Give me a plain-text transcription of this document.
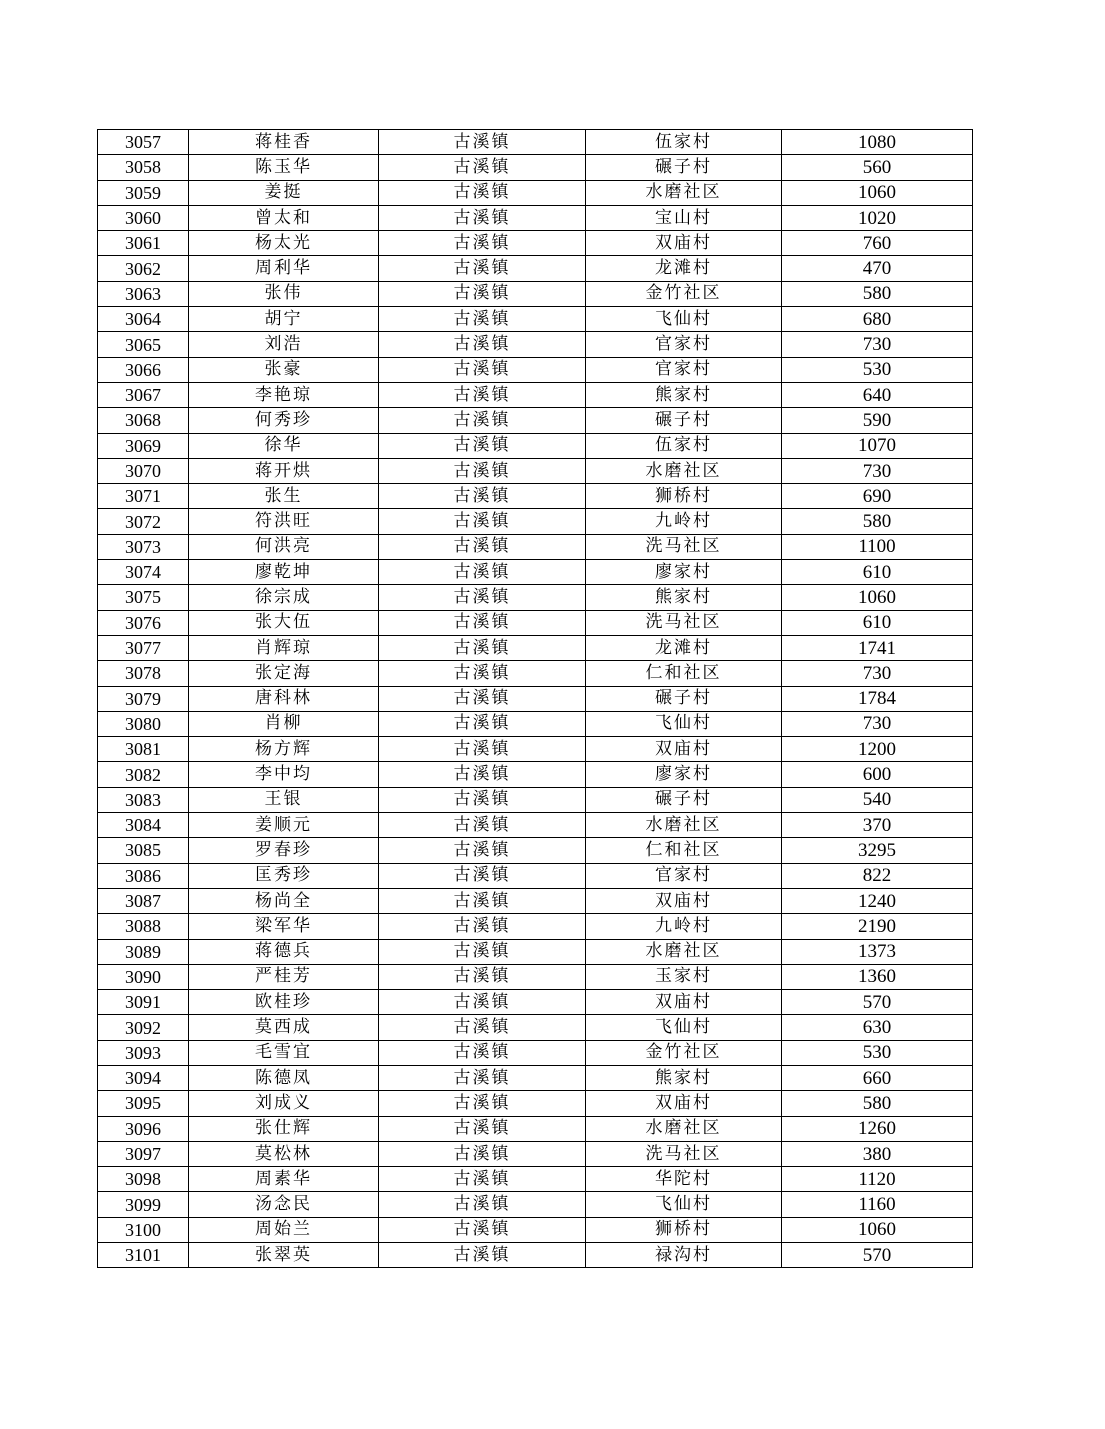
3057	蒋桂香	古溪镇	伍家村	1080
3058	陈玉华	古溪镇	碾子村	560
3059	姜挺	古溪镇	水磨社区	1060
3060	曾太和	古溪镇	宝山村	1020
3061	杨太光	古溪镇	双庙村	760
3062	周利华	古溪镇	龙滩村	470
3063	张伟	古溪镇	金竹社区	580
3064	胡宁	古溪镇	飞仙村	680
3065	刘浩	古溪镇	官家村	730
3066	张豪	古溪镇	官家村	530
3067	李艳琼	古溪镇	熊家村	640
3068	何秀珍	古溪镇	碾子村	590
3069	徐华	古溪镇	伍家村	1070
3070	蒋开烘	古溪镇	水磨社区	730
3071	张生	古溪镇	狮桥村	690
3072	符洪旺	古溪镇	九岭村	580
3073	何洪亮	古溪镇	洗马社区	1100
3074	廖乾坤	古溪镇	廖家村	610
3075	徐宗成	古溪镇	熊家村	1060
3076	张大伍	古溪镇	洗马社区	610
3077	肖辉琼	古溪镇	龙滩村	1741
3078	张定海	古溪镇	仁和社区	730
3079	唐科林	古溪镇	碾子村	1784
3080	肖柳	古溪镇	飞仙村	730
3081	杨方辉	古溪镇	双庙村	1200
3082	李中均	古溪镇	廖家村	600
3083	王银	古溪镇	碾子村	540
3084	姜顺元	古溪镇	水磨社区	370
3085	罗春珍	古溪镇	仁和社区	3295
3086	匡秀珍	古溪镇	官家村	822
3087	杨尚全	古溪镇	双庙村	1240
3088	梁军华	古溪镇	九岭村	2190
3089	蒋德兵	古溪镇	水磨社区	1373
3090	严桂芳	古溪镇	玉家村	1360
3091	欧桂珍	古溪镇	双庙村	570
3092	莫西成	古溪镇	飞仙村	630
3093	毛雪宜	古溪镇	金竹社区	530
3094	陈德凤	古溪镇	熊家村	660
3095	刘成义	古溪镇	双庙村	580
3096	张仕辉	古溪镇	水磨社区	1260
3097	莫松林	古溪镇	洗马社区	380
3098	周素华	古溪镇	华陀村	1120
3099	汤念民	古溪镇	飞仙村	1160
3100	周始兰	古溪镇	狮桥村	1060
3101	张翠英	古溪镇	禄沟村	570
